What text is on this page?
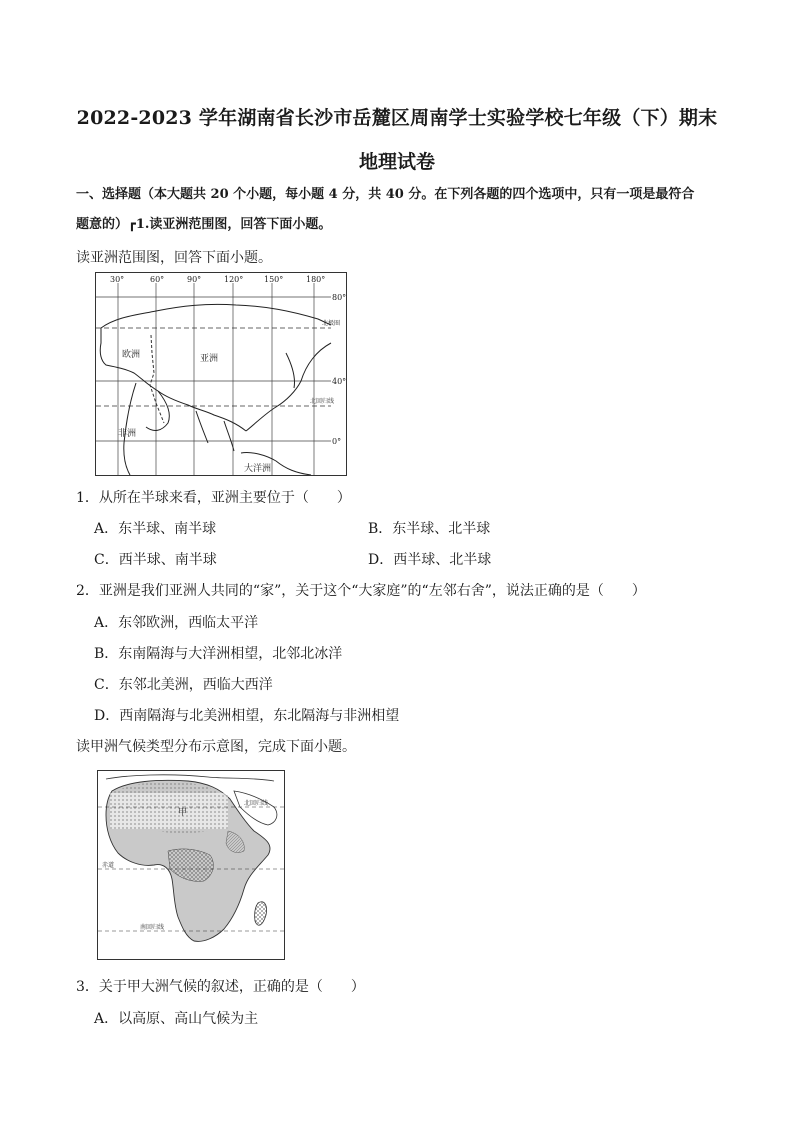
2022-2023 学年湖南省长沙市岳麓区周南学士实验学校七年级（下）期末
地理试卷
一、选择题（本大题共 20 个小题，每小题 4 分，共 40 分。在下列各题的四个选项中，只有一项是最符合
题意的）┏1.读亚洲范围图，回答下面小题。
读亚洲范围图，回答下面小题。
30°	60°	90°	120°	150°	180°
80°
40°
0°
北极圈
北回归线
欧洲	亚洲
非洲
大洋洲
1．从所在半球来看，亚洲主要位于（　　）
A．东半球、南半球	B．东半球、北半球
C．西半球、南半球	D．西半球、北半球
2．亚洲是我们亚洲人共同的“家”，关于这个“大家庭”的“左邻右舍”，说法正确的是（　　）
A．东邻欧洲，西临太平洋
B．东南隔海与大洋洲相望，北邻北冰洋
C．东邻北美洲，西临大西洋
D．西南隔海与北美洲相望，东北隔海与非洲相望
读甲洲气候类型分布示意图，完成下面小题。
甲
北回归线
赤道
南回归线
3．关于甲大洲气候的叙述，正确的是（　　）
A．以高原、高山气候为主
